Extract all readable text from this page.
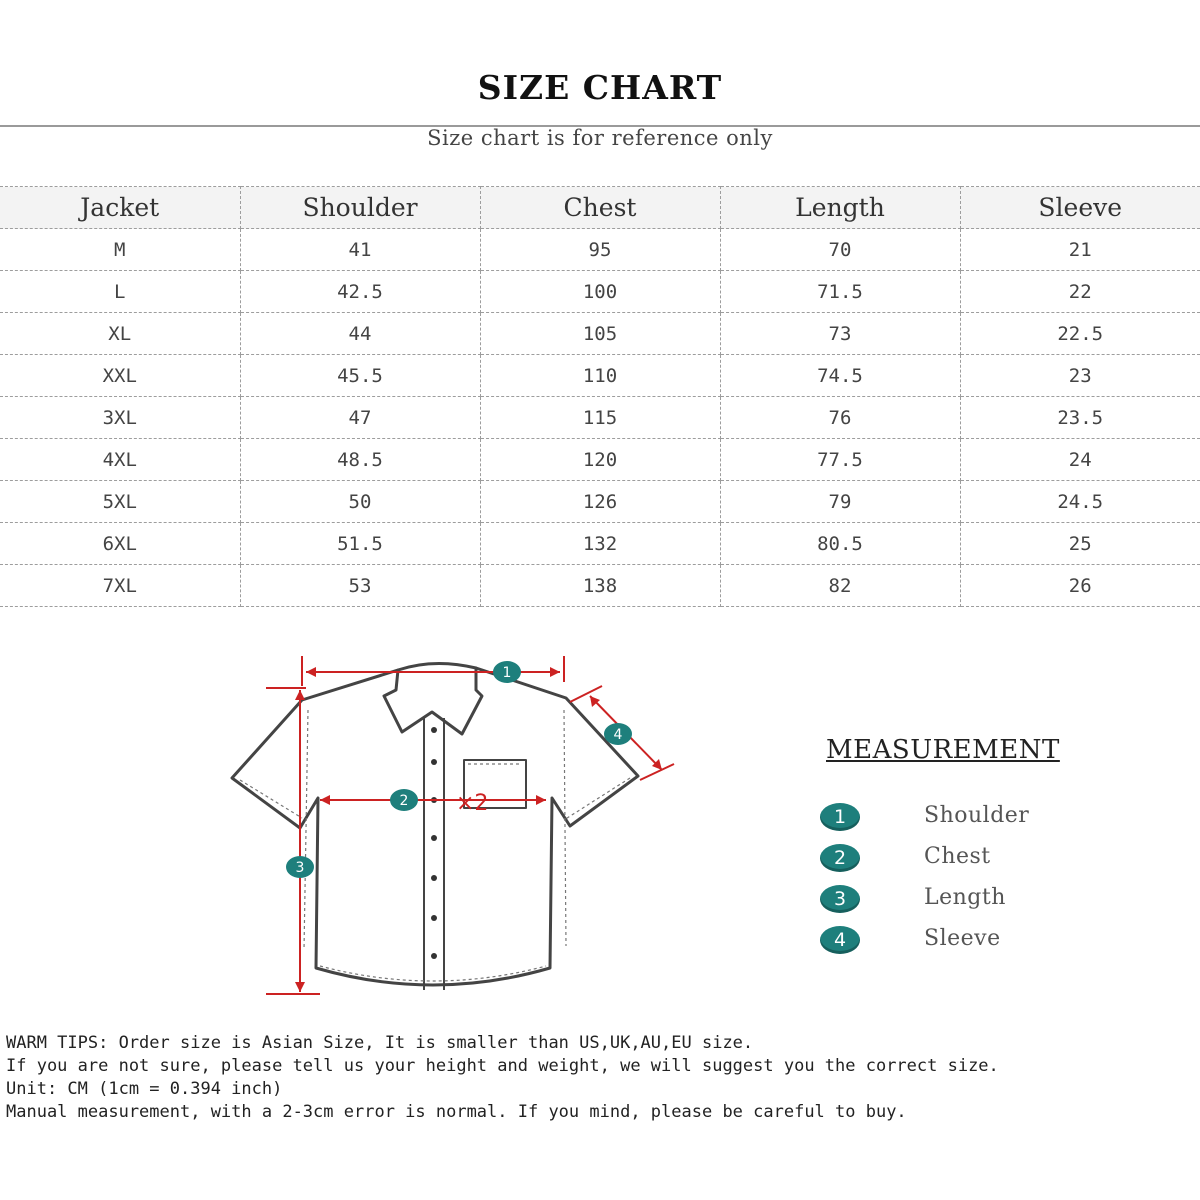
SIZE CHART
Size chart is for reference only
Jacket	Shoulder	Chest	Length	Sleeve
M	41	95	70	21
L	42.5	100	71.5	22
XL	44	105	73	22.5
XXL	45.5	110	74.5	23
3XL	47	115	76	23.5
4XL	48.5	120	77.5	24
5XL	50	126	79	24.5
6XL	51.5	132	80.5	25
7XL	53	138	82	26
×2
1
2
3
4	MEASUREMENT
1	Shoulder
2	Chest
3	Length
4	Sleeve

WARM TIPS: Order size is Asian Size, It is smaller than US,UK,AU,EU size.

If you are not sure, please tell us your height and weight, we will suggest you the correct size.

Unit: CM (1cm = 0.394 inch)

Manual measurement, with a 2-3cm error is normal. If you mind, please be careful to buy.
